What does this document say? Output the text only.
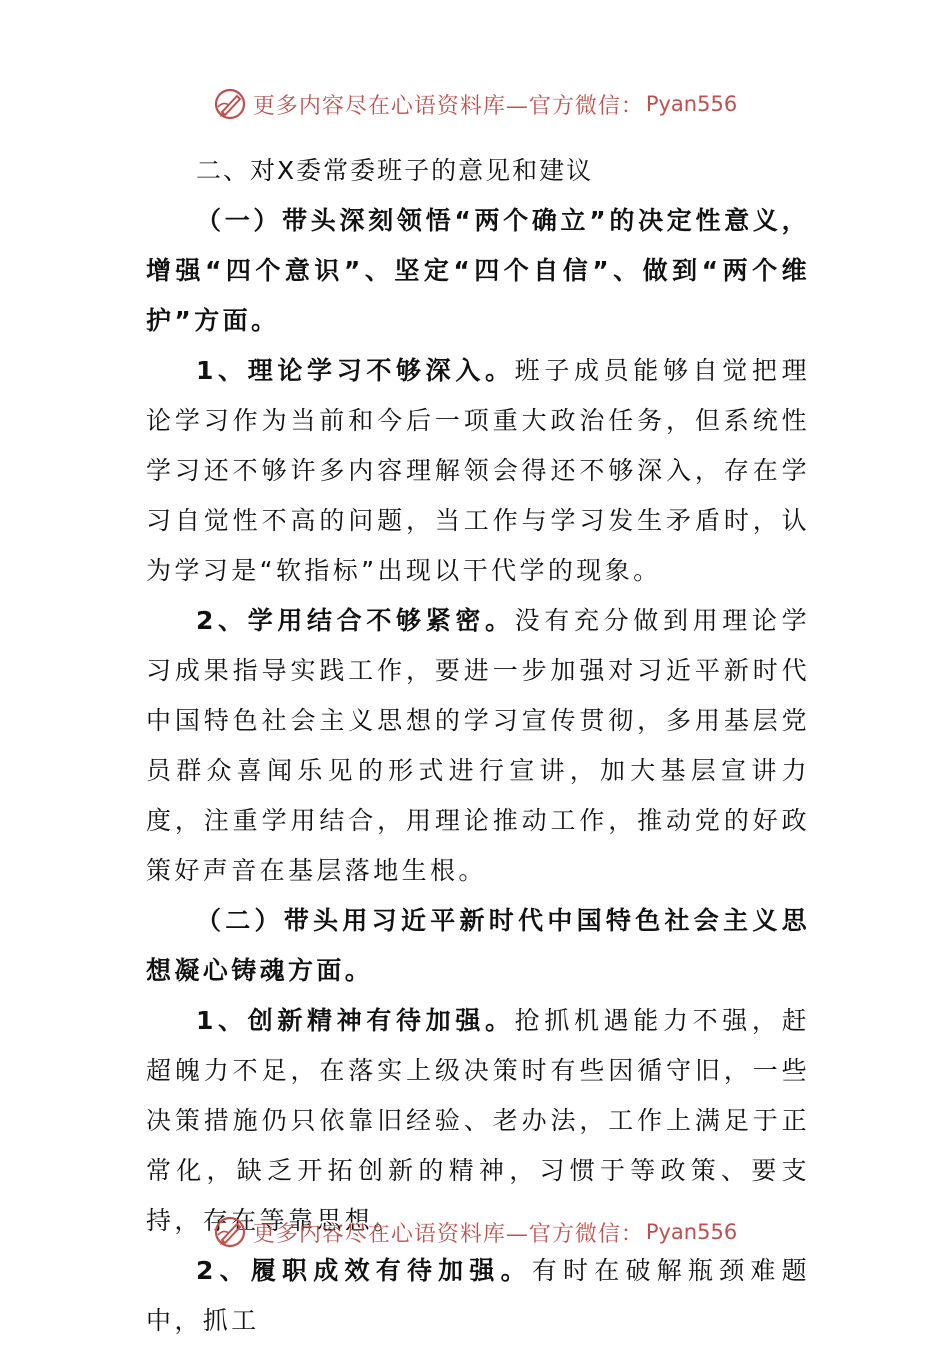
更多内容尽在心语资料库—官方微信： Pyan556

二、对X委常委班子的意见和建议

（一）带头深刻领悟“两个确立”的决定性意义，增强“四个意识”、坚定“四个自信”、做到“两个维护”方面。

1、理论学习不够深入。班子成员能够自觉把理论学习作为当前和今后一项重大政治任务，但系统性学习还不够许多内容理解领会得还不够深入，存在学习自觉性不高的问题，当工作与学习发生矛盾时，认为学习是“软指标”出现以干代学的现象。

2、学用结合不够紧密。没有充分做到用理论学习成果指导实践工作，要进一步加强对习近平新时代中国特色社会主义思想的学习宣传贯彻，多用基层党员群众喜闻乐见的形式进行宣讲，加大基层宣讲力度，注重学用结合，用理论推动工作，推动党的好政策好声音在基层落地生根。

（二）带头用习近平新时代中国特色社会主义思想凝心铸魂方面。

1、创新精神有待加强。抢抓机遇能力不强，赶超魄力不足，在落实上级决策时有些因循守旧，一些决策措施仍只依靠旧经验、老办法，工作上满足于正常化，缺乏开拓创新的精神，习惯于等政策、要支持，存在等靠思想。

2、履职成效有待加强。有时在破解瓶颈难题中，抓工

更多内容尽在心语资料库—官方微信： Pyan556
